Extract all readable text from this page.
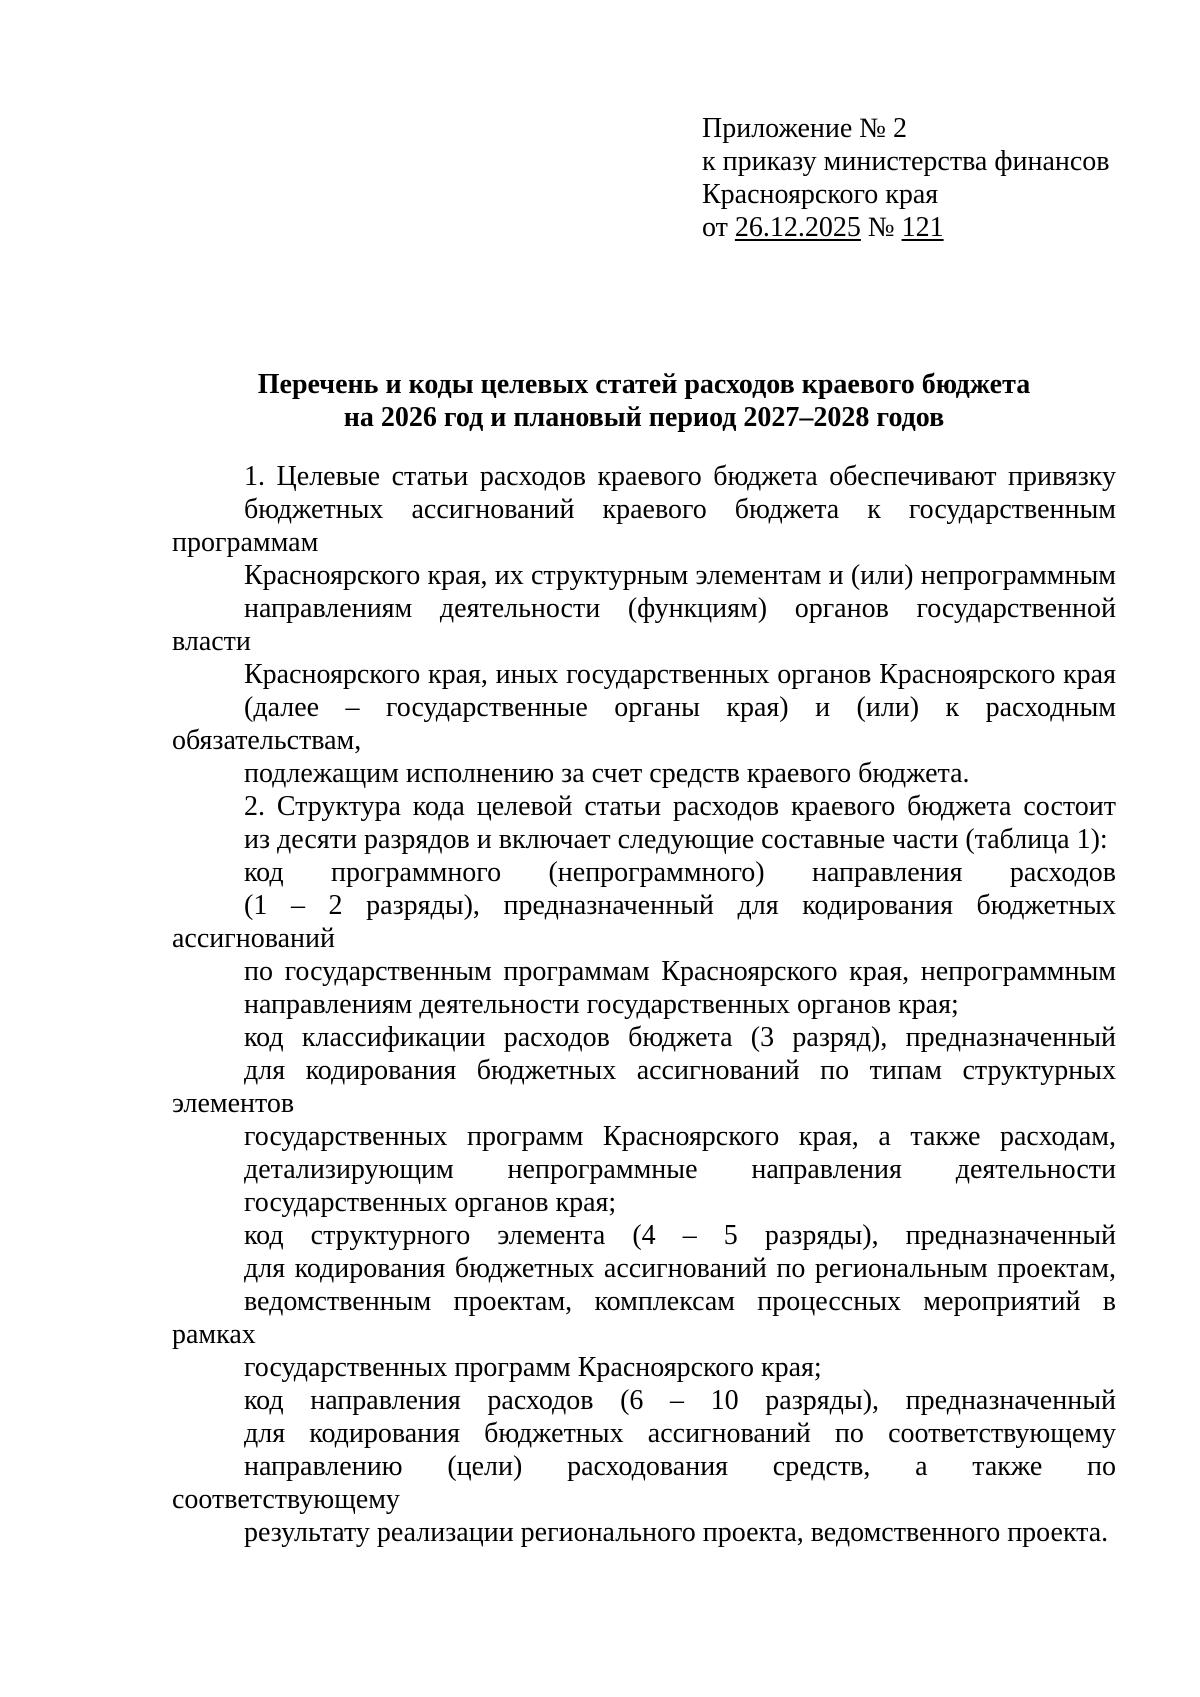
Приложение № 2
к приказу министерства финансов
Красноярского края
от 26.12.2025 № 121
Перечень и коды целевых статей расходов краевого бюджета
на 2026 год и плановый период 2027–2028 годов
1. Целевые статьи расходов краевого бюджета обеспечивают привязку
бюджетных ассигнований краевого бюджета к государственным программам
Красноярского края, их структурным элементам и (или) непрограммным
направлениям деятельности (функциям) органов государственной власти
Красноярского края, иных государственных органов Красноярского края
(далее – государственные органы края) и (или) к расходным обязательствам,
подлежащим исполнению за счет средств краевого бюджета.
2. Структура кода целевой статьи расходов краевого бюджета состоит
из десяти разрядов и включает следующие составные части (таблица 1):
код программного (непрограммного) направления расходов
(1 – 2 разряды), предназначенный для кодирования бюджетных ассигнований
по государственным программам Красноярского края, непрограммным
направлениям деятельности государственных органов края;
код классификации расходов бюджета (3 разряд), предназначенный
для кодирования бюджетных ассигнований по типам структурных элементов
государственных программ Красноярского края, а также расходам,
детализирующим непрограммные направления деятельности
государственных органов края;
код структурного элемента (4 – 5 разряды), предназначенный
для кодирования бюджетных ассигнований по региональным проектам,
ведомственным проектам, комплексам процессных мероприятий в рамках
государственных программ Красноярского края;
код направления расходов (6 – 10 разряды), предназначенный
для кодирования бюджетных ассигнований по соответствующему
направлению (цели) расходования средств, а также по соответствующему
результату реализации регионального проекта, ведомственного проекта.
